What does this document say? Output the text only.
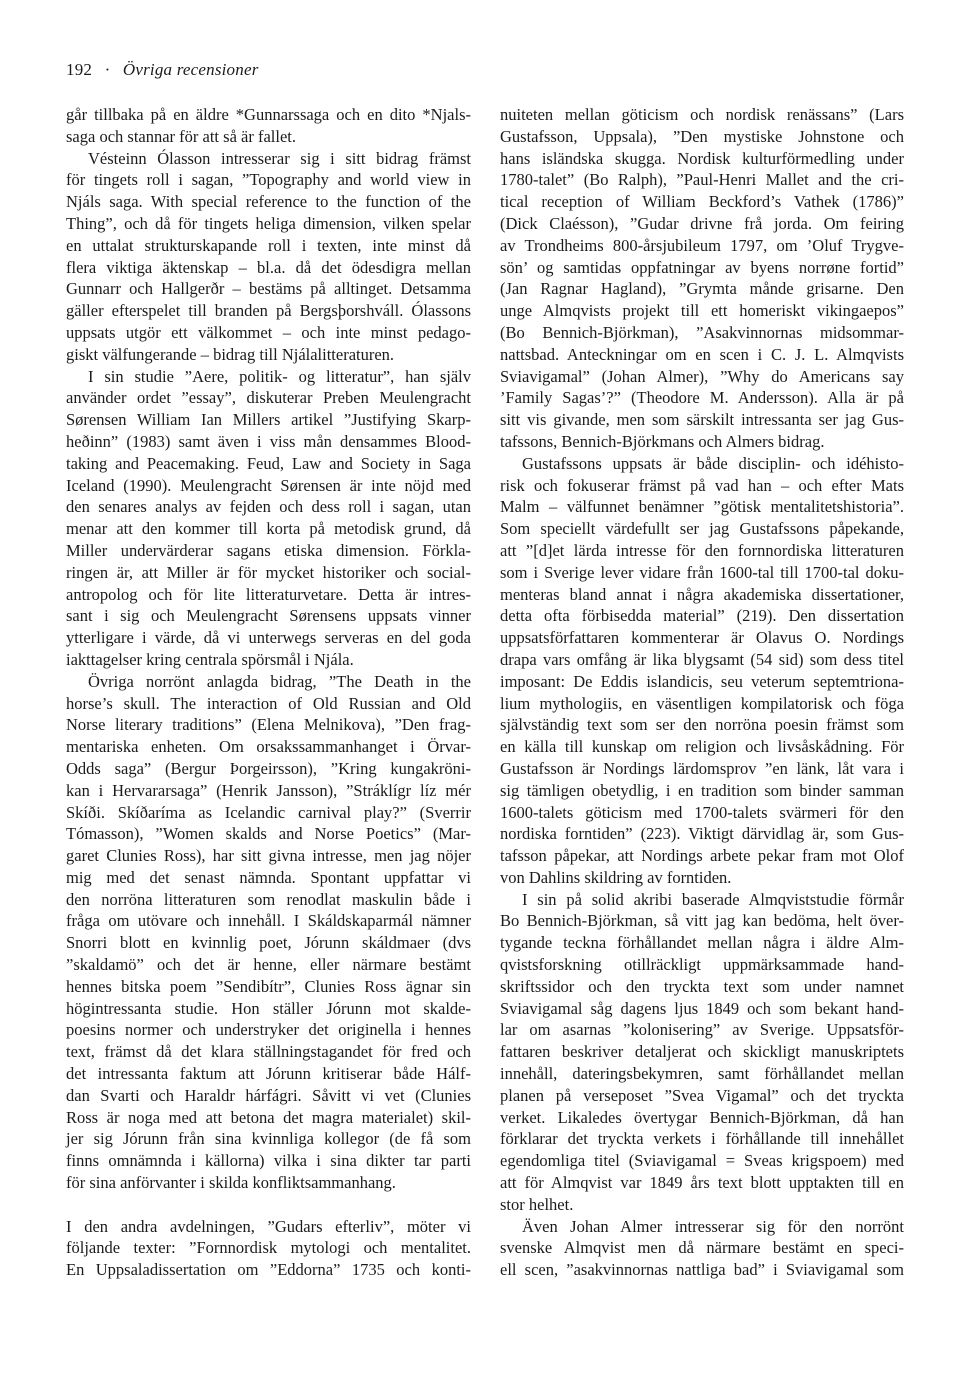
192 · Övriga recensioner
går tillbaka på en äldre *Gunnarssaga och en dito *Njals-
saga och stannar för att så är fallet.
Vésteinn Ólasson intresserar sig i sitt bidrag främst
för tingets roll i sagan, ”Topography and world view in
Njáls saga. With special reference to the function of the
Thing”, och då för tingets heliga dimension, vilken spelar
en uttalat strukturskapande roll i texten, inte minst då
flera viktiga äktenskap – bl.a. då det ödesdigra mellan
Gunnarr och Hallgerðr – bestäms på alltinget. Detsamma
gäller efterspelet till branden på Bergsþorshváll. Ólassons
uppsats utgör ett välkommet – och inte minst pedago-
giskt välfungerande – bidrag till Njálalitteraturen.
I sin studie ”Aere, politik- og litteratur”, han själv
använder ordet ”essay”, diskuterar Preben Meulengracht
Sørensen William Ian Millers artikel ”Justifying Skarp-
heðinn” (1983) samt även i viss mån densammes Blood-
taking and Peacemaking. Feud, Law and Society in Saga
Iceland (1990). Meulengracht Sørensen är inte nöjd med
den senares analys av fejden och dess roll i sagan, utan
menar att den kommer till korta på metodisk grund, då
Miller undervärderar sagans etiska dimension. Förkla-
ringen är, att Miller är för mycket historiker och social-
antropolog och för lite litteraturvetare. Detta är intres-
sant i sig och Meulengracht Sørensens uppsats vinner
ytterligare i värde, då vi unterwegs serveras en del goda
iakttagelser kring centrala spörsmål i Njála.
Övriga norrönt anlagda bidrag, ”The Death in the
horse’s skull. The interaction of Old Russian and Old
Norse literary traditions” (Elena Melnikova), ”Den frag-
mentariska enheten. Om orsakssammanhanget i Örvar-
Odds saga” (Bergur Þorgeirsson), ”Kring kungakröni-
kan i Hervararsaga” (Henrik Jansson), ”Stráklígr líz mér
Skíði. Skíðaríma as Icelandic carnival play?” (Sverrir
Tómasson), ”Women skalds and Norse Poetics” (Mar-
garet Clunies Ross), har sitt givna intresse, men jag nöjer
mig med det senast nämnda. Spontant uppfattar vi
den norröna litteraturen som renodlat maskulin både i
fråga om utövare och innehåll. I Skáldskaparmál nämner
Snorri blott en kvinnlig poet, Jórunn skáldmaer (dvs
”skaldamö” och det är henne, eller närmare bestämt
hennes bitska poem ”Sendibítr”, Clunies Ross ägnar sin
högintressanta studie. Hon ställer Jórunn mot skalde-
poesins normer och understryker det originella i hennes
text, främst då det klara ställningstagandet för fred och
det intressanta faktum att Jórunn kritiserar både Hálf-
dan Svarti och Haraldr hárfágri. Såvitt vi vet (Clunies
Ross är noga med att betona det magra materialet) skil-
jer sig Jórunn från sina kvinnliga kollegor (de få som
finns omnämnda i källorna) vilka i sina dikter tar parti
för sina anförvanter i skilda konfliktsammanhang.
I den andra avdelningen, ”Gudars efterliv”, möter vi
följande texter: ”Fornnordisk mytologi och mentalitet.
En Uppsaladissertation om ”Eddorna” 1735 och konti-
nuiteten mellan göticism och nordisk renässans” (Lars
Gustafsson, Uppsala), ”Den mystiske Johnstone och
hans isländska skugga. Nordisk kulturförmedling under
1780-talet” (Bo Ralph), ”Paul-Henri Mallet and the cri-
tical reception of William Beckford’s Vathek (1786)”
(Dick Claésson), ”Gudar drivne frå jorda. Om feiring
av Trondheims 800-årsjubileum 1797, om ’Oluf Trygve-
sön’ og samtidas oppfatningar av byens norrøne fortid”
(Jan Ragnar Hagland), ”Grymta månde grisarne. Den
unge Almqvists projekt till ett homeriskt vikingaepos”
(Bo Bennich-Björkman), ”Asakvinnornas midsommar-
nattsbad. Anteckningar om en scen i C. J. L. Almqvists
Sviavigamal” (Johan Almer), ”Why do Americans say
’Family Sagas’?” (Theodore M. Andersson). Alla är på
sitt vis givande, men som särskilt intressanta ser jag Gus-
tafssons, Bennich-Björkmans och Almers bidrag.
Gustafssons uppsats är både disciplin- och idéhisto-
risk och fokuserar främst på vad han – och efter Mats
Malm – välfunnet benämner ”götisk mentalitetshistoria”.
Som speciellt värdefullt ser jag Gustafssons påpekande,
att ”[d]et lärda intresse för den fornnordiska litteraturen
som i Sverige lever vidare från 1600-tal till 1700-tal doku-
menteras bland annat i några akademiska dissertationer,
detta ofta förbisedda material” (219). Den dissertation
uppsatsförfattaren kommenterar är Olavus O. Nordings
drapa vars omfång är lika blygsamt (54 sid) som dess titel
imposant: De Eddis islandicis, seu veterum septemtriona-
lium mythologiis, en väsentligen kompilatorisk och föga
självständig text som ser den norröna poesin främst som
en källa till kunskap om religion och livsåskådning. För
Gustafsson är Nordings lärdomsprov ”en länk, låt vara i
sig tämligen obetydlig, i en tradition som binder samman
1600-talets göticism med 1700-talets svärmeri för den
nordiska forntiden” (223). Viktigt därvidlag är, som Gus-
tafsson påpekar, att Nordings arbete pekar fram mot Olof
von Dahlins skildring av forntiden.
I sin på solid akribi baserade Almqviststudie förmår
Bo Bennich-Björkman, så vitt jag kan bedöma, helt över-
tygande teckna förhållandet mellan några i äldre Alm-
qvistsforskning otillräckligt uppmärksammade hand-
skriftssidor och den tryckta text som under namnet
Sviavigamal såg dagens ljus 1849 och som bekant hand-
lar om asarnas ”kolonisering” av Sverige. Uppsatsför-
fattaren beskriver detaljerat och skickligt manuskriptets
innehåll, dateringsbekymren, samt förhållandet mellan
planen på verseposet ”Svea Vigamal” och det tryckta
verket. Likaledes övertygar Bennich-Björkman, då han
förklarar det tryckta verkets i förhållande till innehållet
egendomliga titel (Sviavigamal = Sveas krigspoem) med
att för Almqvist var 1849 års text blott upptakten till en
stor helhet.
Även Johan Almer intresserar sig för den norrönt
svenske Almqvist men då närmare bestämt en speci-
ell scen, ”asakvinnornas nattliga bad” i Sviavigamal som
